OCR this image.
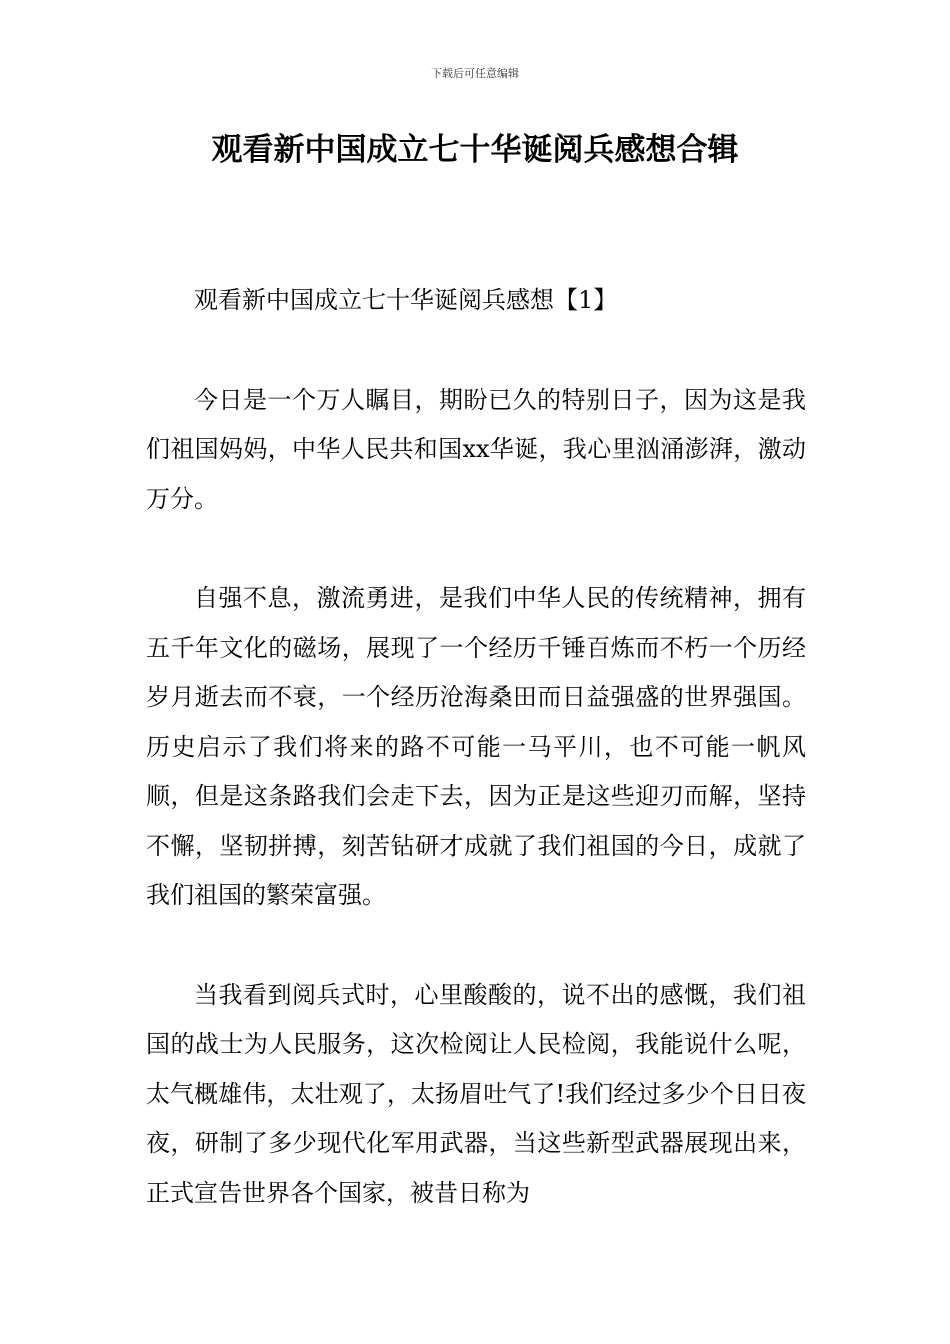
下载后可任意编辑
观看新中国成立七十华诞阅兵感想合辑

观看新中国成立七十华诞阅兵感想【1】

今日是一个万人瞩目，期盼已久的特别日子，因为这是我们祖国妈妈，中华人民共和国xx华诞，我心里汹涌澎湃，激动万分。

自强不息，激流勇进，是我们中华人民的传统精神，拥有五千年文化的磁场，展现了一个经历千锤百炼而不朽一个历经岁月逝去而不衰，一个经历沧海桑田而日益强盛的世界强国。历史启示了我们将来的路不可能一马平川，也不可能一帆风顺，但是这条路我们会走下去，因为正是这些迎刃而解，坚持不懈，坚韧拼搏，刻苦钻研才成就了我们祖国的今日，成就了我们祖国的繁荣富强。

当我看到阅兵式时，心里酸酸的，说不出的感慨，我们祖国的战士为人民服务，这次检阅让人民检阅，我能说什么呢，太气概雄伟，太壮观了，太扬眉吐气了!我们经过多少个日日夜夜，研制了多少现代化军用武器，当这些新型武器展现出来，正式宣告世界各个国家，被昔日称为
